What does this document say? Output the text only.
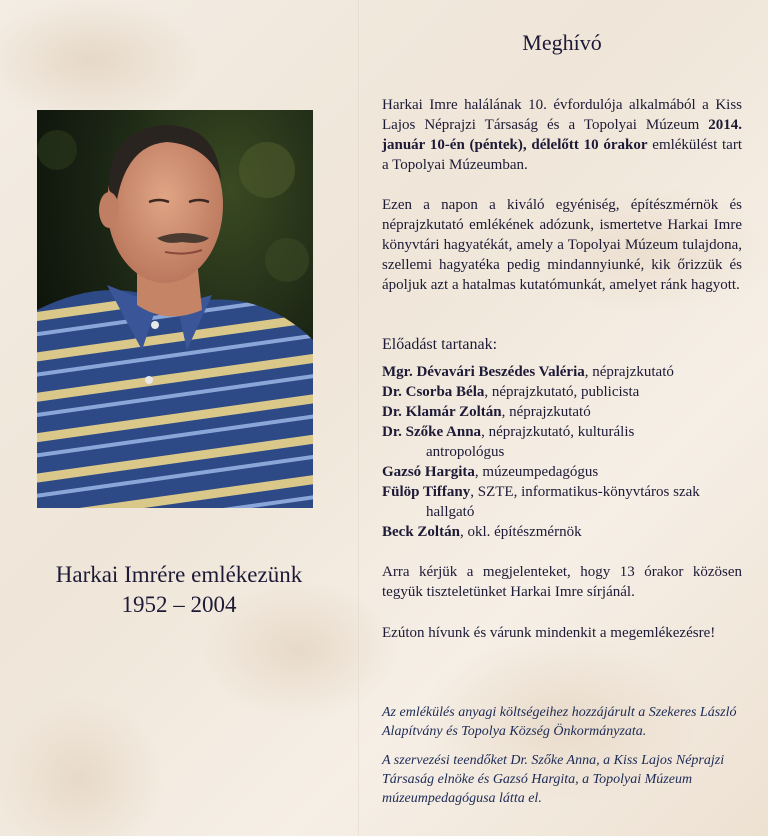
Harkai Imrére emlékezünk
1952 – 2004
Meghívó
Harkai Imre halálának 10. évfordulója alkalmából a Kiss Lajos Néprajzi Társaság és a Topolyai Múzeum 2014. január 10-én (péntek), délelőtt 10 órakor emlékülést tart a Topolyai Múzeumban.
Ezen a napon a kiváló egyéniség, építészmérnök és néprajzkutató emlékének adózunk, ismertetve Harkai Imre könyvtári hagyatékát, amely a Topolyai Múzeum tulajdona, szellemi hagyatéka pedig mindannyiunké, kik őrizzük és ápoljuk azt a hatalmas kutatómunkát, amelyet ránk hagyott.
Előadást tartanak:
Mgr. Dévavári Beszédes Valéria, néprajzkutató
Dr. Csorba Béla, néprajzkutató, publicista
Dr. Klamár Zoltán, néprajzkutató
Dr. Szőke Anna, néprajzkutató, kulturális
antropológus
Gazsó Hargita, múzeumpedagógus
Fülöp Tiffany, SZTE, informatikus-könyvtáros szak
hallgató
Beck Zoltán, okl. építészmérnök
Arra kérjük a megjelenteket, hogy 13 órakor közösen tegyük tiszteletünket Harkai Imre sírjánál.
Ezúton hívunk és várunk mindenkit a megemlékezésre!
Az emlékülés anyagi költségeihez hozzájárult a Szekeres László Alapítvány és Topolya Község Önkormányzata.
A szervezési teendőket Dr. Szőke Anna, a Kiss Lajos Néprajzi Társaság elnöke és Gazsó Hargita, a Topolyai Múzeum múzeumpedagógusa látta el.
